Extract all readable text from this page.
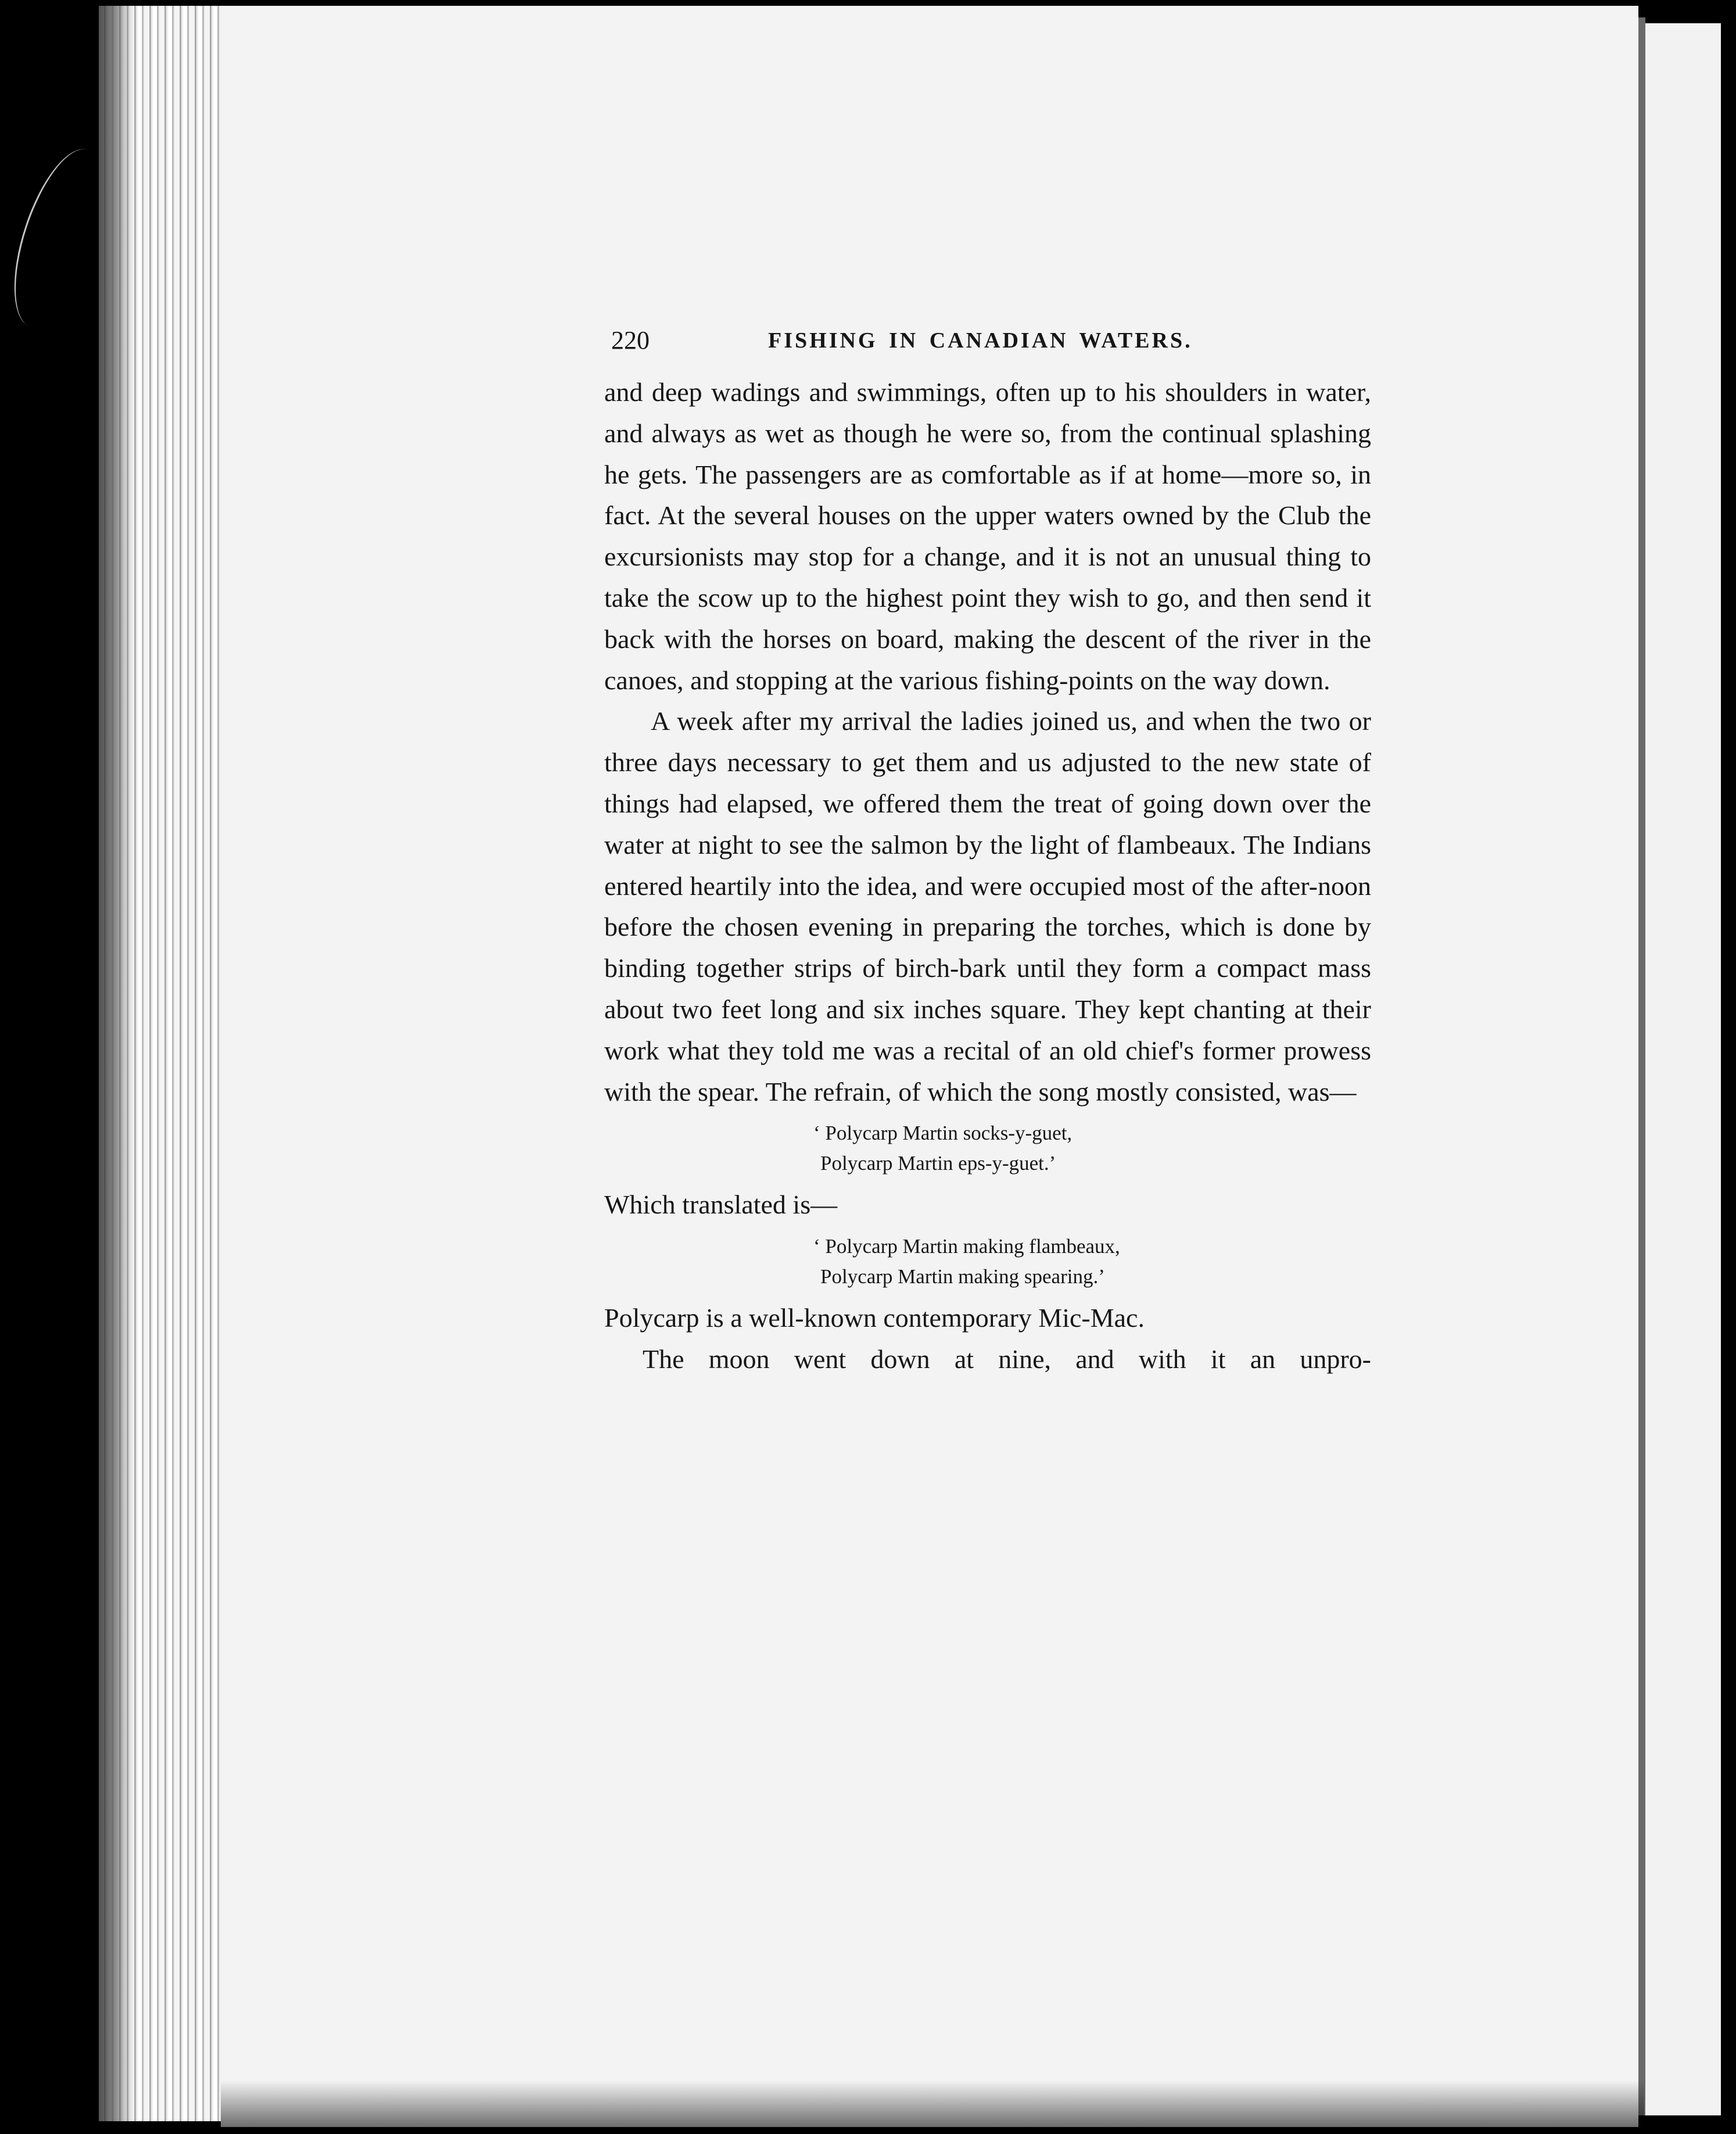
220	FISHING IN CANADIAN WATERS.

and deep wadings and swimmings, often up to his shoulders in water, and always as wet as though he were so, from the continual splashing he gets. The passengers are as comfortable as if at home—more so, in fact. At the several houses on the upper waters owned by the Club the excursionists may stop for a change, and it is not an unusual thing to take the scow up to the highest point they wish to go, and then send it back with the horses on board, making the descent of the river in the canoes, and stopping at the various fishing-points on the way down.

A week after my arrival the ladies joined us, and when the two or three days necessary to get them and us adjusted to the new state of things had elapsed, we offered them the treat of going down over the water at night to see the salmon by the light of flambeaux. The Indians entered heartily into the idea, and were occupied most of the after-noon before the chosen evening in preparing the torches, which is done by binding together strips of birch-bark until they form a compact mass about two feet long and six inches square. They kept chanting at their work what they told me was a recital of an old chief's former prowess with the spear. The refrain, of which the song mostly consisted, was—

‘ Polycarp Martin socks-y-guet,
Polycarp Martin eps-y-guet.’

Which translated is—

‘ Polycarp Martin making flambeaux,
Polycarp Martin making spearing.’

Polycarp is a well-known contemporary Mic-Mac.

The moon went down at nine, and with it an unpro-
